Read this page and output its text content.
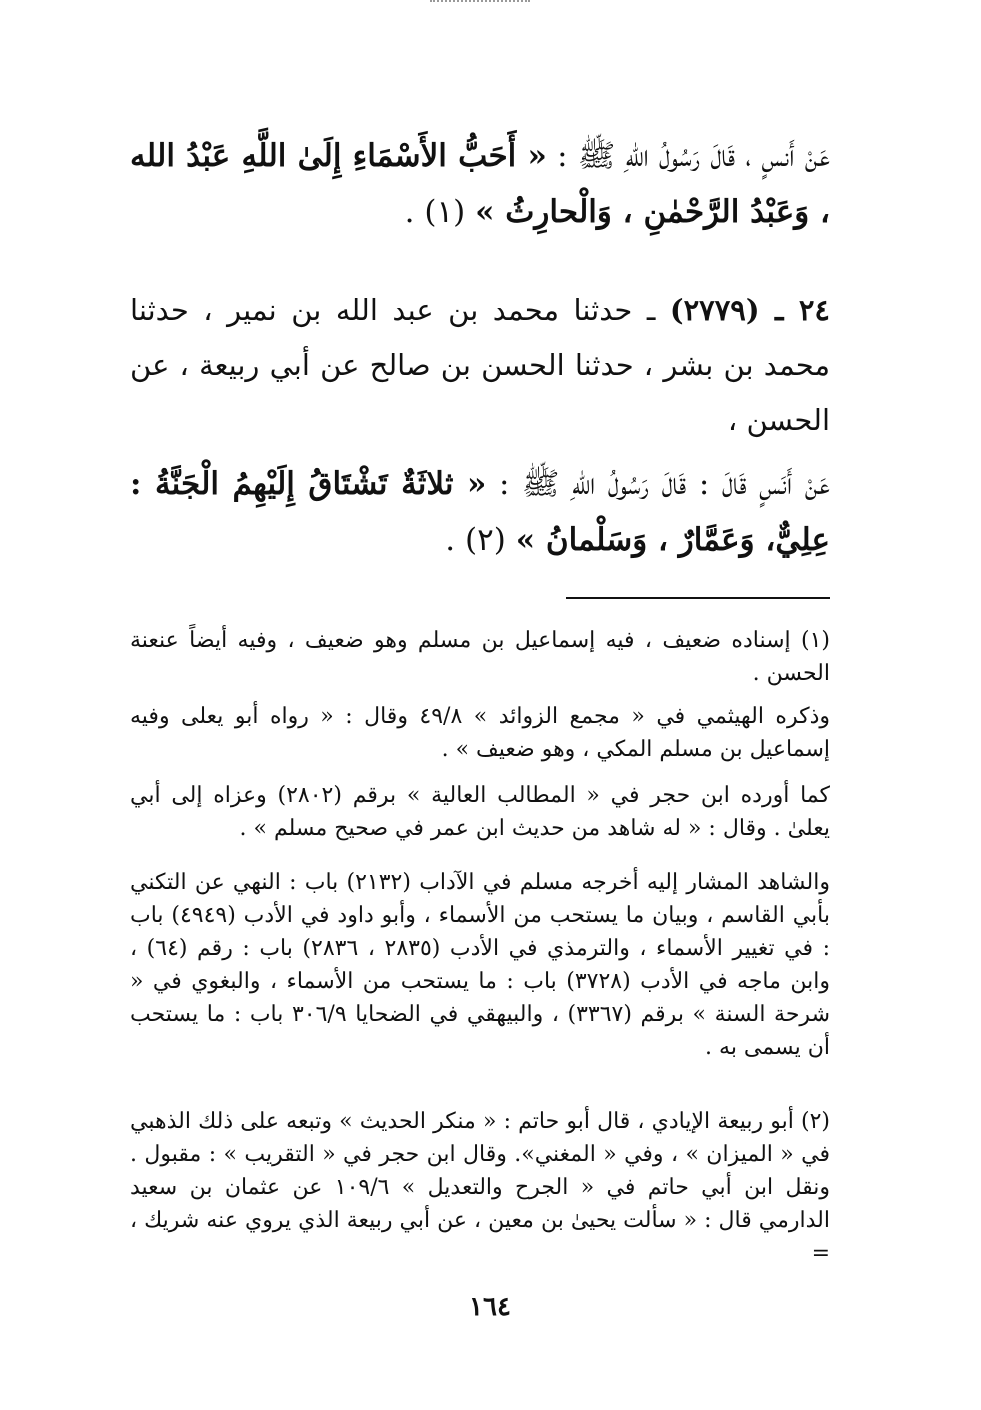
عَنْ أَنسٍ ، قَالَ رَسُولُ اللهِ ﷺ : « أَحَبُّ الأَسْمَاءِ إِلَىٰ اللَّهِ عَبْدُ الله ، وَعَبْدُ الرَّحْمٰنِ ، وَالْحارِثُ » (١) .
٢٤ ـ (٢٧٧٩) ـ حدثنا محمد بن عبد الله بن نمير ، حدثنا محمد بن بشر ، حدثنا الحسن بن صالح عن أبي ربيعة ، عن الحسن ،
عَنْ أَنَسٍ قَالَ : قَالَ رَسُولُ اللهِ ﷺ : « ثلاثَةٌ تَشْتَاقُ إِلَيْهِمُ الْجَنَّةُ : عِلِيٌّ، وَعَمَّارٌ ، وَسَلْمانُ » (٢) .
(١) إسناده ضعيف ، فيه إسماعيل بن مسلم وهو ضعيف ، وفيه أيضاً عنعنة الحسن .
وذكره الهيثمي في « مجمع الزوائد » ٤٩/٨ وقال : « رواه أبو يعلى وفيه إسماعيل بن مسلم المكي ، وهو ضعيف » .
كما أورده ابن حجر في « المطالب العالية » برقم (٢٨٠٢) وعزاه إلى أبي يعلىٰ . وقال : « له شاهد من حديث ابن عمر في صحيح مسلم » .
والشاهد المشار إليه أخرجه مسلم في الآداب (٢١٣٢) باب : النهي عن التكني بأبي القاسم ، وبيان ما يستحب من الأسماء ، وأبو داود في الأدب (٤٩٤٩) باب : في تغيير الأسماء ، والترمذي في الأدب (٢٨٣٥ ، ٢٨٣٦) باب : رقم (٦٤) ، وابن ماجه في الأدب (٣٧٢٨) باب : ما يستحب من الأسماء ، والبغوي في « شرحة السنة » برقم (٣٣٦٧) ، والبيهقي في الضحايا ٣٠٦/٩ باب : ما يستحب أن يسمى به .
(٢) أبو ربيعة الإيادي ، قال أبو حاتم : « منكر الحديث » وتبعه على ذلك الذهبي في « الميزان » ، وفي « المغني». وقال ابن حجر في « التقريب » : مقبول . ونقل ابن أبي حاتم في « الجرح والتعديل » ١٠٩/٦ عن عثمان بن سعيد الدارمي قال : « سألت يحيىٰ بن معين ، عن أبي ربيعة الذي يروي عنه شريك ، =
١٦٤
